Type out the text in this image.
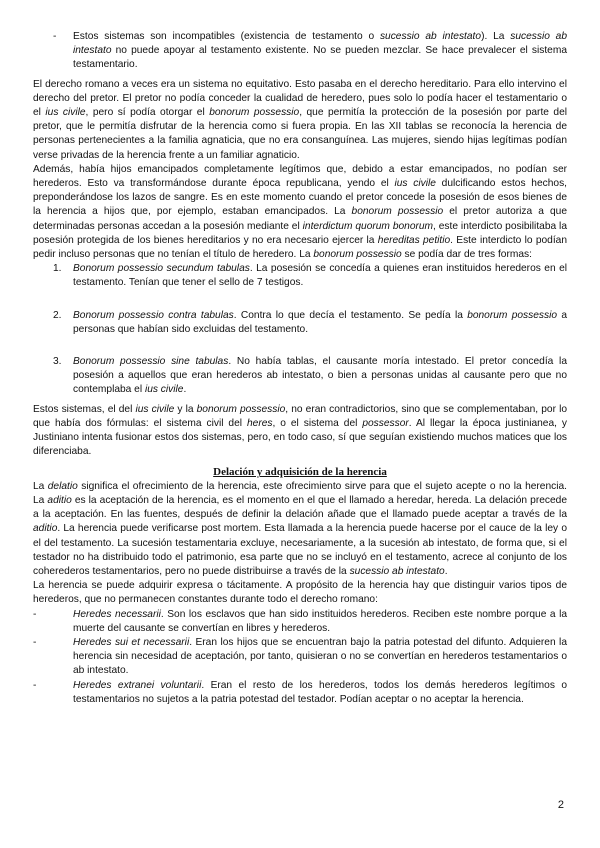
- Estos sistemas son incompatibles (existencia de testamento o sucessio ab intestato). La sucessio ab intestato no puede apoyar al testamento existente. No se pueden mezclar. Se hace prevalecer el sistema testamentario.

El derecho romano a veces era un sistema no equitativo. Esto pasaba en el derecho hereditario. Para ello intervino el derecho del pretor. El pretor no podía conceder la cualidad de heredero, pues solo lo podía hacer el testamentario o el ius civile, pero sí podía otorgar el bonorum possessio, que permitía la protección de la posesión por parte del pretor, que le permitía disfrutar de la herencia como si fuera propia. En las XII tablas se reconocía la herencia de personas pertenecientes a la familia agnaticia, que no era consanguínea. Las mujeres, siendo hijas legítimas podían verse privadas de la herencia frente a un familiar agnaticio.

Además, había hijos emancipados completamente legítimos que, debido a estar emancipados, no podían ser herederos. Esto va transformándose durante época republicana, yendo el ius civile dulcificando estos hechos, preponderándose los lazos de sangre. Es en este momento cuando el pretor concede la posesión de esos bienes de la herencia a hijos que, por ejemplo, estaban emancipados. La bonorum possessio el pretor autoriza a que determinadas personas accedan a la posesión mediante el interdictum quorum bonorum, este interdicto posibilitaba la posesión protegida de los bienes hereditarios y no era necesario ejercer la hereditas petitio. Este interdicto lo podían pedir incluso personas que no tenían el título de heredero. La bonorum possessio se podía dar de tres formas:

1. Bonorum possessio secundum tabulas. La posesión se concedía a quienes eran instituidos herederos en el testamento. Tenían que tener el sello de 7 testigos.
2. Bonorum possessio contra tabulas. Contra lo que decía el testamento. Se pedía la bonorum possessio a personas que habían sido excluidas del testamento.
3. Bonorum possessio sine tabulas. No había tablas, el causante moría intestado. El pretor concedía la posesión a aquellos que eran herederos ab intestato, o bien a personas unidas al causante pero que no contemplaba el ius civile.

Estos sistemas, el del ius civile y la bonorum possessio, no eran contradictorios, sino que se complementaban, por lo que había dos fórmulas: el sistema civil del heres, o el sistema del possessor. Al llegar la época justinianea, y Justiniano intenta fusionar estos dos sistemas, pero, en todo caso, sí que seguían existiendo muchos matices que los diferenciaba.

Delación y adquisición de la herencia

La delatio significa el ofrecimiento de la herencia, este ofrecimiento sirve para que el sujeto acepte o no la herencia. La aditio es la aceptación de la herencia, es el momento en el que el llamado a heredar, hereda. La delación precede a la aceptación. En las fuentes, después de definir la delación añade que el llamado puede aceptar a través de la aditio. La herencia puede verificarse post mortem. Esta llamada a la herencia puede hacerse por el cauce de la ley o el del testamento. La sucesión testamentaria excluye, necesariamente, a la sucesión ab intestato, de forma que, si el testador no ha distribuido todo el patrimonio, esa parte que no se incluyó en el testamento, acrece al conjunto de los coherederos testamentarios, pero no puede distribuirse a través de la sucessio ab intestato.

La herencia se puede adquirir expresa o tácitamente. A propósito de la herencia hay que distinguir varios tipos de herederos, que no permanecen constantes durante todo el derecho romano:

-	Heredes necessarii. Son los esclavos que han sido instituidos herederos. Reciben este nombre porque a la muerte del causante se convertían en libres y herederos.
-	Heredes sui et necessarii. Eran los hijos que se encuentran bajo la patria potestad del difunto. Adquieren la herencia sin necesidad de aceptación, por tanto, quisieran o no se convertían en herederos testamentarios o ab intestato.
-	Heredes extranei voluntarii. Eran el resto de los herederos, todos los demás herederos legítimos o testamentarios no sujetos a la patria potestad del testador. Podían aceptar o no aceptar la herencia.
2
